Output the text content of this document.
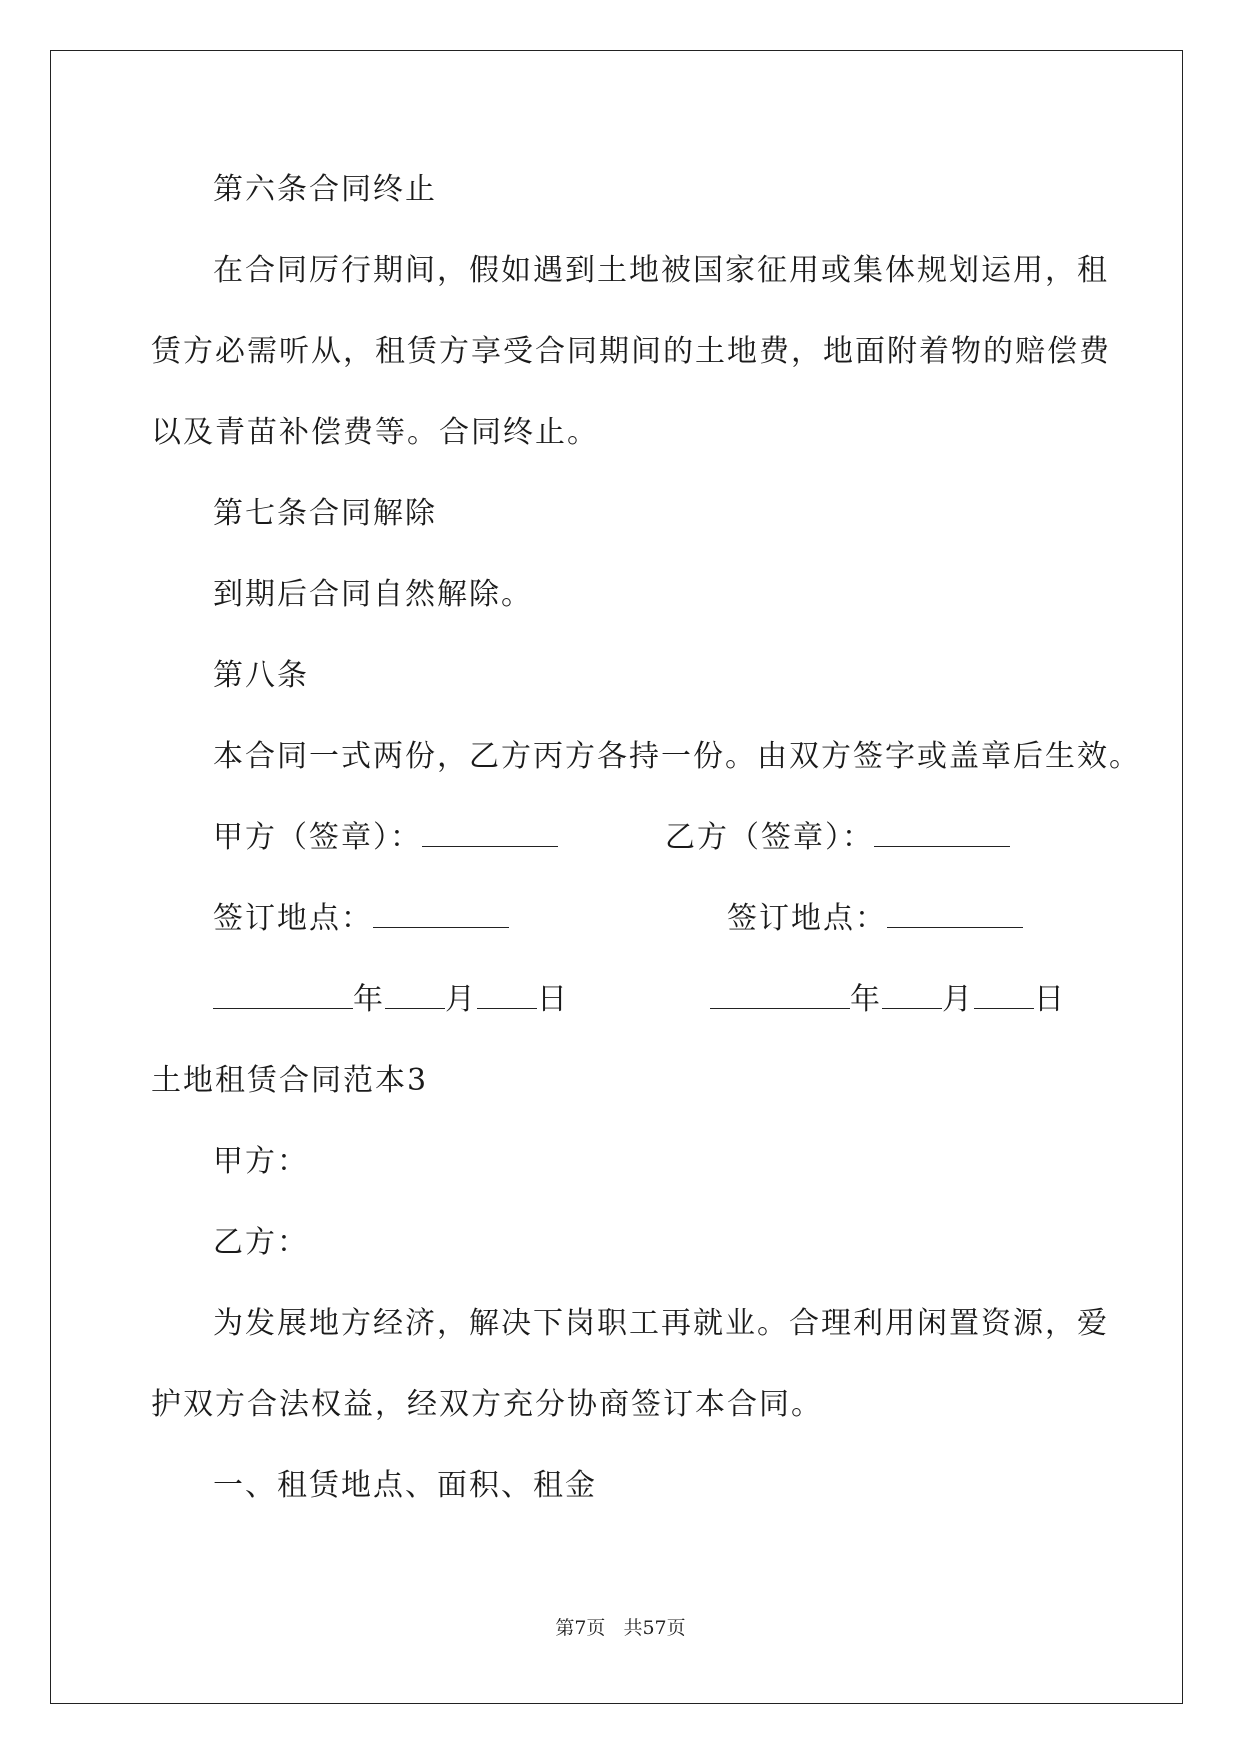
第六条合同终止
在合同厉行期间，假如遇到土地被国家征用或集体规划运用，租
赁方必需听从，租赁方享受合同期间的土地费，地面附着物的赔偿费
以及青苗补偿费等。合同终止。
第七条合同解除
到期后合同自然解除。
第八条
本合同一式两份，乙方丙方各持一份。由双方签字或盖章后生效。
甲方（签章）：	乙方（签章）：
签订地点：	签订地点：
年 月 日	年 月 日
土地租赁合同范本3
甲方：
乙方：
为发展地方经济，解决下岗职工再就业。合理利用闲置资源，爱
护双方合法权益，经双方充分协商签订本合同。
一、租赁地点、面积、租金
第7页 共57页
